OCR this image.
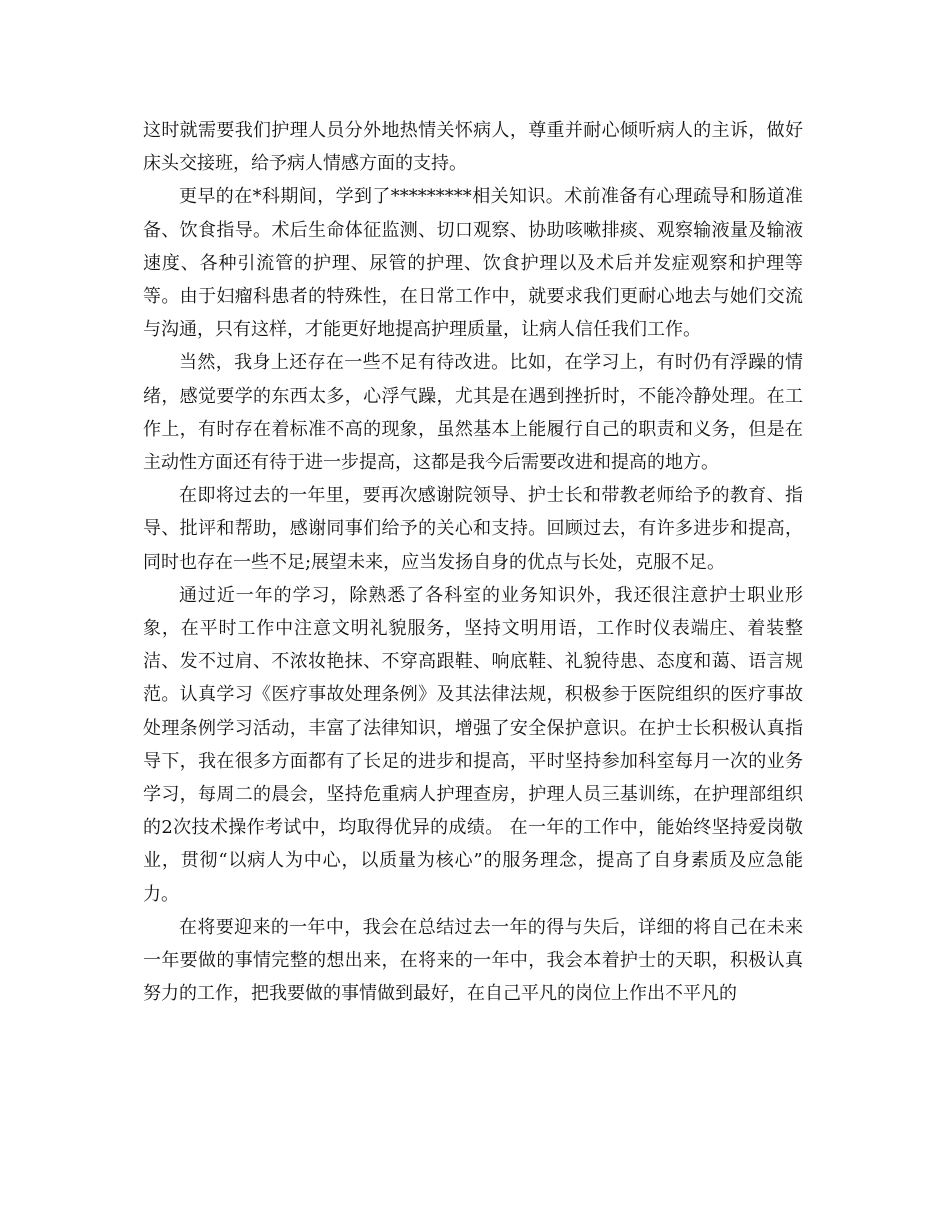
这时就需要我们护理人员分外地热情关怀病人，尊重并耐心倾听病人的主诉，做好床头交接班，给予病人情感方面的支持。

更早的在*科期间，学到了*********相关知识。术前准备有心理疏导和肠道准备、饮食指导。术后生命体征监测、切口观察、协助咳嗽排痰、观察输液量及输液速度、各种引流管的护理、尿管的护理、饮食护理以及术后并发症观察和护理等等。由于妇瘤科患者的特殊性，在日常工作中，就要求我们更耐心地去与她们交流与沟通，只有这样，才能更好地提高护理质量，让病人信任我们工作。

当然，我身上还存在一些不足有待改进。比如，在学习上，有时仍有浮躁的情绪，感觉要学的东西太多，心浮气躁，尤其是在遇到挫折时，不能冷静处理。在工作上，有时存在着标准不高的现象，虽然基本上能履行自己的职责和义务，但是在主动性方面还有待于进一步提高，这都是我今后需要改进和提高的地方。

在即将过去的一年里，要再次感谢院领导、护士长和带教老师给予的教育、指导、批评和帮助，感谢同事们给予的关心和支持。回顾过去，有许多进步和提高，同时也存在一些不足;展望未来，应当发扬自身的优点与长处，克服不足。

通过近一年的学习，除熟悉了各科室的业务知识外，我还很注意护士职业形象，在平时工作中注意文明礼貌服务，坚持文明用语，工作时仪表端庄、着装整洁、发不过肩、不浓妆艳抹、不穿高跟鞋、响底鞋、礼貌待患、态度和蔼、语言规范。认真学习《医疗事故处理条例》及其法律法规，积极参于医院组织的医疗事故处理条例学习活动，丰富了法律知识，增强了安全保护意识。在护士长积极认真指导下，我在很多方面都有了长足的进步和提高，平时坚持参加科室每月一次的业务学习，每周二的晨会，坚持危重病人护理查房，护理人员三基训练，在护理部组织的2次技术操作考试中，均取得优异的成绩。 在一年的工作中，能始终坚持爱岗敬业，贯彻“以病人为中心，以质量为核心”的服务理念，提高了自身素质及应急能力。

在将要迎来的一年中，我会在总结过去一年的得与失后，详细的将自己在未来一年要做的事情完整的想出来，在将来的一年中，我会本着护士的天职，积极认真努力的工作，把我要做的事情做到最好，在自己平凡的岗位上作出不平凡的
